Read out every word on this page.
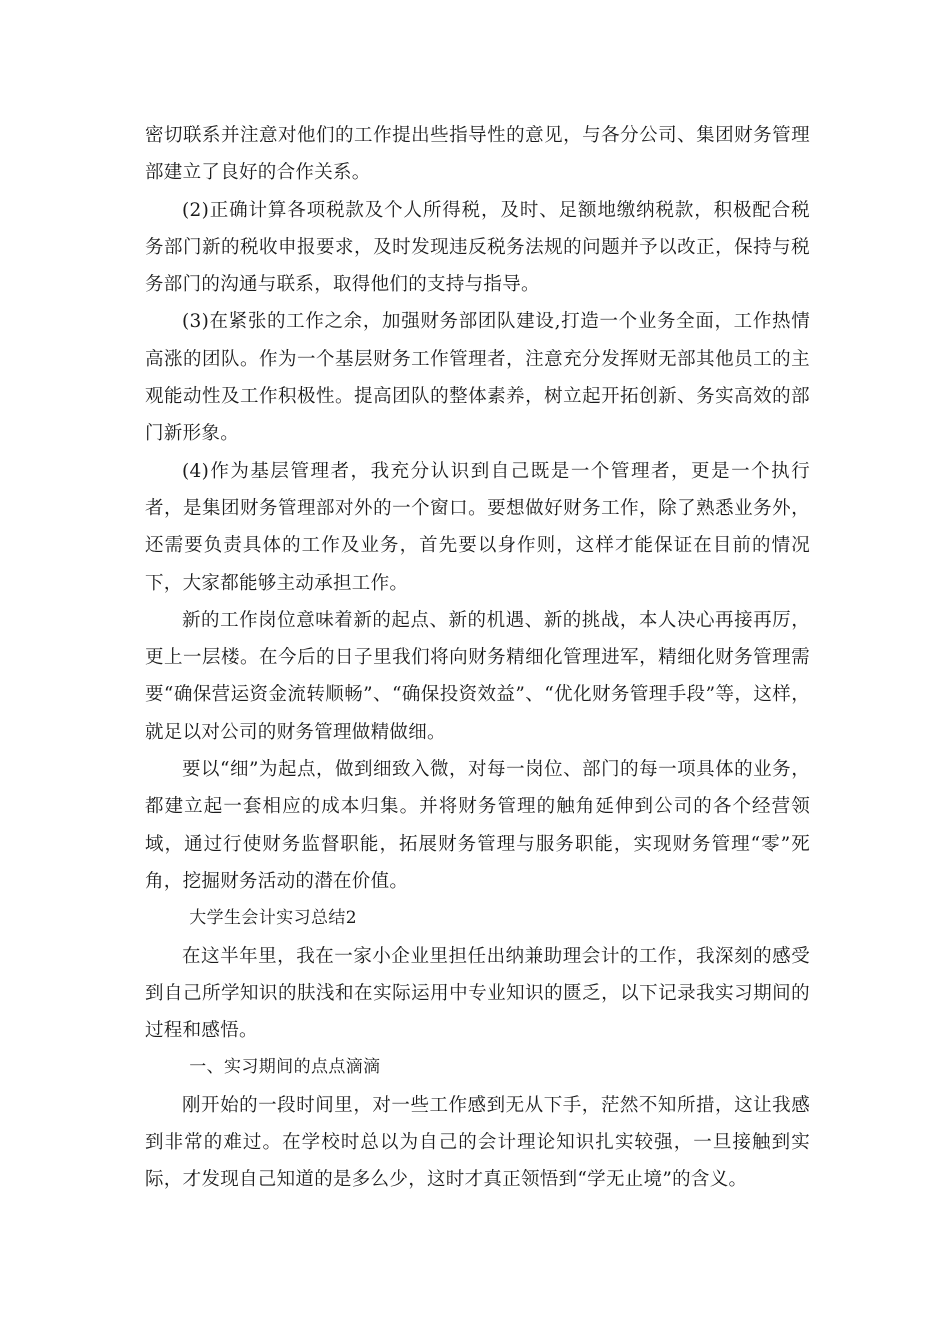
密切联系并注意对他们的工作提出些指导性的意见，与各分公司、集团财务管理部建立了良好的合作关系。

(2)正确计算各项税款及个人所得税，及时、足额地缴纳税款，积极配合税务部门新的税收申报要求，及时发现违反税务法规的问题并予以改正，保持与税务部门的沟通与联系，取得他们的支持与指导。

(3)在紧张的工作之余，加强财务部团队建设,打造一个业务全面，工作热情高涨的团队。作为一个基层财务工作管理者，注意充分发挥财无部其他员工的主观能动性及工作积极性。提高团队的整体素养，树立起开拓创新、务实高效的部门新形象。

(4)作为基层管理者，我充分认识到自己既是一个管理者，更是一个执行者，是集团财务管理部对外的一个窗口。要想做好财务工作，除了熟悉业务外，还需要负责具体的工作及业务，首先要以身作则，这样才能保证在目前的情况下，大家都能够主动承担工作。

新的工作岗位意味着新的起点、新的机遇、新的挑战，本人决心再接再厉，更上一层楼。在今后的日子里我们将向财务精细化管理进军，精细化财务管理需要“确保营运资金流转顺畅”、“确保投资效益”、“优化财务管理手段”等，这样，就足以对公司的财务管理做精做细。

要以“细”为起点，做到细致入微，对每一岗位、部门的每一项具体的业务，都建立起一套相应的成本归集。并将财务管理的触角延伸到公司的各个经营领域，通过行使财务监督职能，拓展财务管理与服务职能，实现财务管理“零”死角，挖掘财务活动的潜在价值。

大学生会计实习总结2

在这半年里，我在一家小企业里担任出纳兼助理会计的工作，我深刻的感受到自己所学知识的肤浅和在实际运用中专业知识的匮乏，以下记录我实习期间的过程和感悟。

一、实习期间的点点滴滴

刚开始的一段时间里，对一些工作感到无从下手，茫然不知所措，这让我感到非常的难过。在学校时总以为自己的会计理论知识扎实较强，一旦接触到实际，才发现自己知道的是多么少，这时才真正领悟到“学无止境”的含义。
